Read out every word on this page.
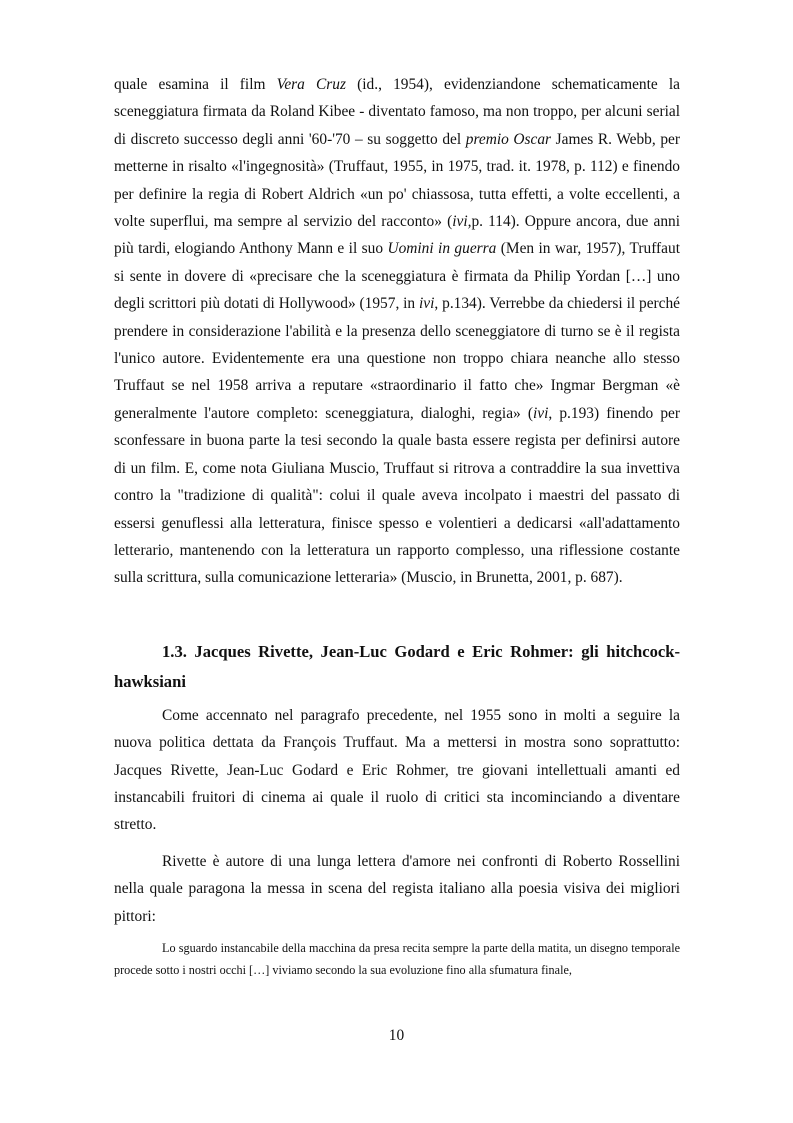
quale esamina il film Vera Cruz (id., 1954), evidenziandone schematicamente la sceneggiatura firmata da Roland Kibee - diventato famoso, ma non troppo, per alcuni serial di discreto successo degli anni '60-'70 – su soggetto del premio Oscar James R. Webb, per metterne in risalto «l'ingegnosità» (Truffaut, 1955, in 1975, trad. it. 1978, p. 112) e finendo per definire la regia di Robert Aldrich «un po' chiassosa, tutta effetti, a volte eccellenti, a volte superflui, ma sempre al servizio del racconto» (ivi,p. 114). Oppure ancora, due anni più tardi, elogiando Anthony Mann e il suo Uomini in guerra (Men in war, 1957), Truffaut si sente in dovere di «precisare che la sceneggiatura è firmata da Philip Yordan […] uno degli scrittori più dotati di Hollywood» (1957, in ivi, p.134). Verrebbe da chiedersi il perché prendere in considerazione l'abilità e la presenza dello sceneggiatore di turno se è il regista l'unico autore. Evidentemente era una questione non troppo chiara neanche allo stesso Truffaut se nel 1958 arriva a reputare «straordinario il fatto che» Ingmar Bergman «è generalmente l'autore completo: sceneggiatura, dialoghi, regia» (ivi, p.193) finendo per sconfessare in buona parte la tesi secondo la quale basta essere regista per definirsi autore di un film. E, come nota Giuliana Muscio, Truffaut si ritrova a contraddire la sua invettiva contro la "tradizione di qualità": colui il quale aveva incolpato i maestri del passato di essersi genuflessi alla letteratura, finisce spesso e volentieri a dedicarsi «all'adattamento letterario, mantenendo con la letteratura un rapporto complesso, una riflessione costante sulla scrittura, sulla comunicazione letteraria» (Muscio, in Brunetta, 2001, p. 687).

1.3. Jacques Rivette, Jean-Luc Godard e Eric Rohmer: gli hitchcock-hawksiani

Come accennato nel paragrafo precedente, nel 1955 sono in molti a seguire la nuova politica dettata da François Truffaut. Ma a mettersi in mostra sono soprattutto: Jacques Rivette, Jean-Luc Godard e Eric Rohmer, tre giovani intellettuali amanti ed instancabili fruitori di cinema ai quale il ruolo di critici sta incominciando a diventare stretto.

Rivette è autore di una lunga lettera d'amore nei confronti di Roberto Rossellini nella quale paragona la messa in scena del regista italiano alla poesia visiva dei migliori pittori:

Lo sguardo instancabile della macchina da presa recita sempre la parte della matita, un disegno temporale procede sotto i nostri occhi […] viviamo secondo la sua evoluzione fino alla sfumatura finale,

10
